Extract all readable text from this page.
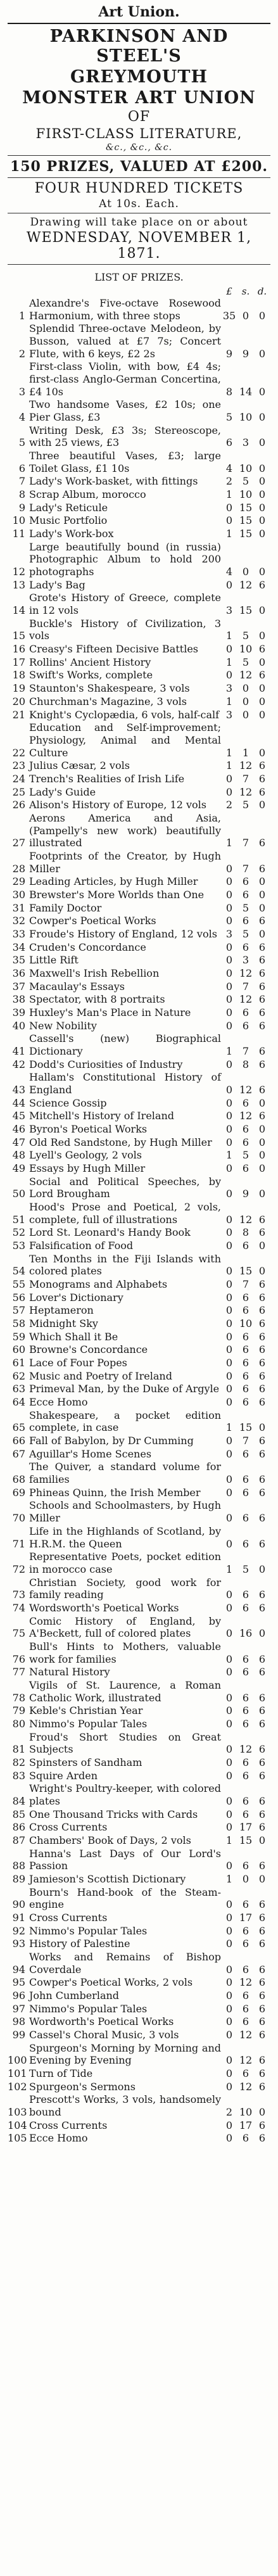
Art Union.
PARKINSON AND STEEL'S
GREYMOUTH
MONSTER ART UNION
OF
FIRST-CLASS LITERATURE,
&c., &c., &c.
150 PRIZES, VALUED AT £200.
FOUR HUNDRED TICKETS
At 10s. Each.
Drawing will take place on or about
WEDNESDAY, NOVEMBER 1, 1871.
LIST OF PRIZES.
£	s. d.
1
Alexandre's Five-octave Rosewood Harmonium, with three stops	35 0 0
2
Splendid Three-octave Melodeon, by Busson, valued at £7 7s; Concert Flute, with 6 keys, £2 2s	9 9 0
3
First-class Violin, with bow, £4 4s; first-class Anglo-German Concertina, £4 10s	8 14 0
4
Two handsome Vases, £2 10s; one Pier Glass, £3	5 10 0
5
Writing Desk, £3 3s; Stereoscope, with 25 views, £3	6 3 0
6
Three beautiful Vases, £3; large Toilet Glass, £1 10s	4 10 0
7 Lady's Work-basket, with fittings	2 5 0
8 Scrap Album, morocco	1 10 0
9 Lady's Reticule	0 15 0
10 Music Portfolio	0 15 0
11 Lady's Work-box	1 15 0
12
Large beautifully bound (in russia) Photographic Album to hold 200 photographs	4 0 0
13 Lady's Bag	0 12 6
14
Grote's History of Greece, complete in 12 vols	3 15 0
15
Buckle's History of Civilization, 3 vols	1 5 0
16 Creasy's Fifteen Decisive Battles	0 10 6
17 Rollins' Ancient History	1 5 0
18 Swift's Works, complete	0 12 6
19 Staunton's Shakespeare, 3 vols	3 0 0
20 Churchman's Magazine, 3 vols	1 0 0
21 Knight's Cyclopædia, 6 vols, half-calf 3 0 0
22
Education and Self-improvement; Physiology, Animal and Mental Culture	1 1 0
23 Julius Cæsar, 2 vols	1 12 6
24 Trench's Realities of Irish Life	0 7 6
25 Lady's Guide	0 12 6
26 Alison's History of Europe, 12 vols	2 5 0
27
Aerons America and Asia, (Pampelly's new work) beautifully illustrated	1 7 6
28
Footprints of the Creator, by Hugh Miller	0 7 6
29 Leading Articles, by Hugh Miller	0 6 0
30 Brewster's More Worlds than One	0 6 0
31 Family Doctor	0 5 0
32 Cowper's Poetical Works	0 6 6
33 Froude's History of England, 12 vols 3 5 0
34 Cruden's Concordance	0 6 6
35 Little Rift	0 3 6
36 Maxwell's Irish Rebellion	0 12 6
37 Macaulay's Essays	0 7 6
38 Spectator, with 8 portraits	0 12 6
39 Huxley's Man's Place in Nature	0 6 6
40 New Nobility	0 6 6
41
Cassell's (new) Biographical Dictionary	1 7 6
42 Dodd's Curiosities of Industry	0 8 6
43
Hallam's Constitutional History of England	0 12 6
44 Science Gossip	0 6 0
45 Mitchell's History of Ireland	0 12 6
46 Byron's Poetical Works	0 6 0
47 Old Red Sandstone, by Hugh Miller	0 6 0
48 Lyell's Geology, 2 vols	1 5 0
49 Essays by Hugh Miller	0 6 0
50
Social and Political Speeches, by Lord Brougham	0 9 0
51
Hood's Prose and Poetical, 2 vols, complete, full of illustrations	0 12 6
52 Lord St. Leonard's Handy Book	0 8 6
53 Falsification of Food	0 6 0
54
Ten Months in the Fiji Islands with colored plates	0 15 0
55 Monograms and Alphabets	0 7 6
56 Lover's Dictionary	0 6 6
57 Heptameron	0 6 6
58 Midnight Sky	0 10 6
59 Which Shall it Be	0 6 6
60 Browne's Concordance	0 6 6
61 Lace of Four Popes	0 6 6
62 Music and Poetry of Ireland	0 6 6
63 Primeval Man, by the Duke of Argyle 0 6 6
64 Ecce Homo	0 6 6
65
Shakespeare, a pocket edition complete, in case	1 15 0
66 Fall of Babylon, by Dr Cumming	0 7 6
67 Aguillar's Home Scenes	0 6 6
68
The Quiver, a standard volume for families	0 6 6
69 Phineas Quinn, the Irish Member	0 6 6
70
Schools and Schoolmasters, by Hugh Miller	0 6 6
71
Life in the Highlands of Scotland, by H.R.M. the Queen	0 6 6
72
Representative Poets, pocket edition in morocco case	1 5 0
73
Christian Society, good work for family reading	0 6 6
74 Wordsworth's Poetical Works	0 6 6
75
Comic History of England, by A'Beckett, full of colored plates	0 16 0
76
Bull's Hints to Mothers, valuable work for families	0 6 6
77 Natural History	0 6 6
78
Vigils of St. Laurence, a Roman Catholic Work, illustrated	0 6 6
79 Keble's Christian Year	0 6 6
80 Nimmo's Popular Tales	0 6 6
81
Froud's Short Studies on Great Subjects	0 12 6
82 Spinsters of Sandham	0 6 6
83 Squire Arden	0 6 6
84
Wright's Poultry-keeper, with colored plates	0 6 6
85 One Thousand Tricks with Cards	0 6 6
86 Cross Currents	0 17 6
87 Chambers' Book of Days, 2 vols	1 15 0
88
Hanna's Last Days of Our Lord's Passion	0 6 6
89 Jamieson's Scottish Dictionary	1 0 0
90
Bourn's Hand-book of the Steam-engine	0 6 6
91 Cross Currents	0 17 6
92 Nimmo's Popular Tales	0 6 6
93 History of Palestine	0 6 6
94
Works and Remains of Bishop Coverdale	0 6 6
95 Cowper's Poetical Works, 2 vols	0 12 6
96 John Cumberland	0 6 6
97 Nimmo's Popular Tales	0 6 6
98 Wordworth's Poetical Works	0 6 6
99 Cassel's Choral Music, 3 vols	0 12 6
100
Spurgeon's Morning by Morning and Evening by Evening	0 12 6
101 Turn of Tide	0 6 6
102 Spurgeon's Sermons	0 12 6
103
Prescott's Works, 3 vols, handsomely bound	2 10 0
104 Cross Currents	0 17 6
105 Ecce Homo	0 6 6
